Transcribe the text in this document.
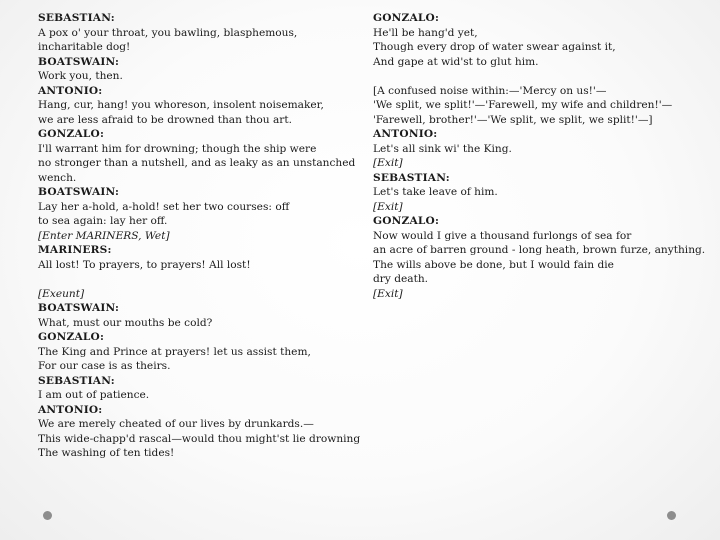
SEBASTIAN:
A pox o' your throat, you bawling, blasphemous,
incharitable dog!
BOATSWAIN:
Work you, then.
ANTONIO:
Hang, cur, hang! you whoreson, insolent noisemaker,
we are less afraid to be drowned than thou art.
GONZALO:
I'll warrant him for drowning; though the ship were
no stronger than a nutshell, and as leaky as an unstanched
wench.
BOATSWAIN:
Lay her a-hold, a-hold! set her two courses: off
to sea again: lay her off.
[Enter MARINERS, Wet]
MARINERS:
All lost! To prayers, to prayers! All lost!
[Exeunt]
BOATSWAIN:
What, must our mouths be cold?
GONZALO:
The King and Prince at prayers! let us assist them,
For our case is as theirs.
SEBASTIAN:
I am out of patience.
ANTONIO:
We are merely cheated of our lives by drunkards.—
This wide-chapp'd rascal—would thou might'st lie drowning
The washing of ten tides!
GONZALO:
He'll be hang'd yet,
Though every drop of water swear against it,
And gape at wid'st to glut him.
[A confused noise within:—'Mercy on us!'—
'We split, we split!'—'Farewell, my wife and children!'—
'Farewell, brother!'—'We split, we split, we split!'—]
ANTONIO:
Let's all sink wi' the King.
[Exit]
SEBASTIAN:
Let's take leave of him.
[Exit]
GONZALO:
Now would I give a thousand furlongs of sea for
an acre of barren ground - long heath, brown furze, anything.
The wills above be done, but I would fain die
dry death.
[Exit]
